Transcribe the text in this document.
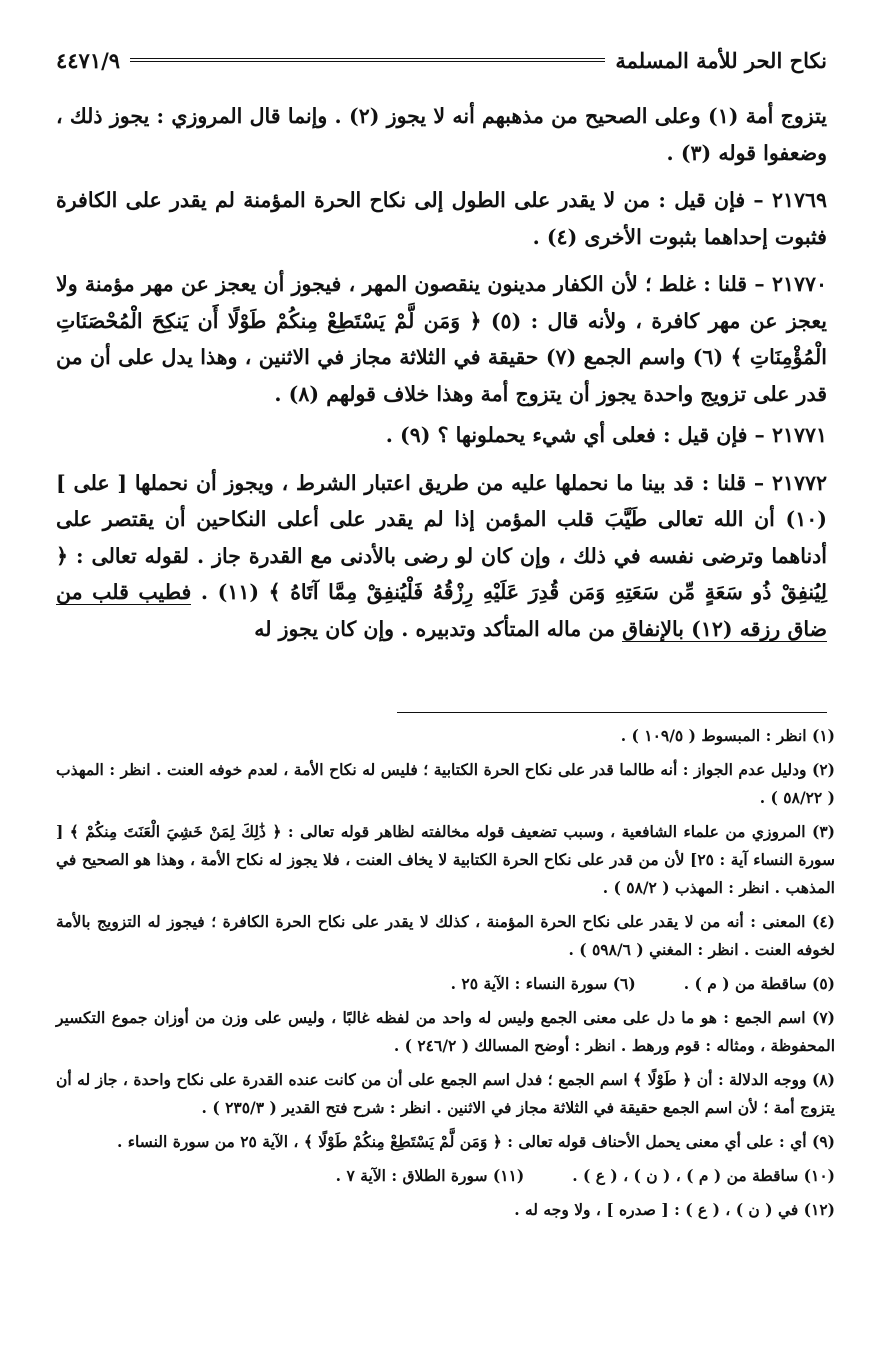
نكاح الحر للأمة المسلمة
٤٤٧١/٩

يتزوج أمة (١) وعلى الصحيح من مذهبهم أنه لا يجوز (٢) . وإنما قال المروزي : يجوز ذلك ، وضعفوا قوله (٣) .

٢١٧٦٩ – فإن قيل : من لا يقدر على الطول إلى نكاح الحرة المؤمنة لم يقدر على الكافرة فثبوت إحداهما بثبوت الأخرى (٤) .

٢١٧٧٠ – قلنا : غلط ؛ لأن الكفار مدينون ينقصون المهر ، فيجوز أن يعجز عن مهر مؤمنة ولا يعجز عن مهر كافرة ، ولأنه قال : (٥) ﴿ وَمَن لَّمْ يَسْتَطِعْ مِنكُمْ طَوْلًا أَن يَنكِحَ الْمُحْصَنَاتِ الْمُؤْمِنَاتِ ﴾ (٦) واسم الجمع (٧) حقيقة في الثلاثة مجاز في الاثنين ، وهذا يدل على أن من قدر على تزويج واحدة يجوز أن يتزوج أمة وهذا خلاف قولهم (٨) .

٢١٧٧١ – فإن قيل : فعلى أي شيء يحملونها ؟ (٩) .

٢١٧٧٢ – قلنا : قد بينا ما نحملها عليه من طريق اعتبار الشرط ، ويجوز أن نحملها [ على ] (١٠) أن الله تعالى طَيَّبَ قلب المؤمن إذا لم يقدر على أعلى النكاحين أن يقتصر على أدناهما وترضى نفسه في ذلك ، وإن كان لو رضى بالأدنى مع القدرة جاز . لقوله تعالى : ﴿ لِيُنفِقْ ذُو سَعَةٍ مِّن سَعَتِهِ وَمَن قُدِرَ عَلَيْهِ رِزْقُهُ فَلْيُنفِقْ مِمَّا آتَاهُ ﴾ (١١) . فطيب قلب من ضاق رزقه (١٢) بالإنفاق من ماله المتأكد وتدبيره . وإن كان يجوز له

(١) انظر : المبسوط ( ١٠٩/٥ ) .

(٢) ودليل عدم الجواز : أنه طالما قدر على نكاح الحرة الكتابية ؛ فليس له نكاح الأمة ، لعدم خوفه العنت . انظر : المهذب ( ٥٨/٢٢ ) .

(٣) المروزي من علماء الشافعية ، وسبب تضعيف قوله مخالفته لظاهر قوله تعالى : ﴿ ذَٰلِكَ لِمَنْ خَشِيَ الْعَنَتَ مِنكُمْ ﴾ [ سورة النساء آية : ٢٥] لأن من قدر على نكاح الحرة الكتابية لا يخاف العنت ، فلا يجوز له نكاح الأمة ، وهذا هو الصحيح في المذهب . انظر : المهذب ( ٥٨/٢ ) .

(٤) المعنى : أنه من لا يقدر على نكاح الحرة المؤمنة ، كذلك لا يقدر على نكاح الحرة الكافرة ؛ فيجوز له التزويج بالأمة لخوفه العنت . انظر : المغني ( ٥٩٨/٦ ) .

(٥) ساقطة من ( م ) .
(٦) سورة النساء : الآية ٢٥ .

(٧) اسم الجمع : هو ما دل على معنى الجمع وليس له واحد من لفظه غالبًا ، وليس على وزن من أوزان جموع التكسير المحفوظة ، ومثاله : قوم ورهط . انظر : أوضح المسالك ( ٢٤٦/٢ ) .

(٨) ووجه الدلالة : أن ﴿ طَوْلًا ﴾ اسم الجمع ؛ فدل اسم الجمع على أن من كانت عنده القدرة على نكاح واحدة ، جاز له أن يتزوج أمة ؛ لأن اسم الجمع حقيقة في الثلاثة مجاز في الاثنين . انظر : شرح فتح القدير ( ٢٣٥/٣ ) .

(٩) أي : على أي معنى يحمل الأحناف قوله تعالى : ﴿ وَمَن لَّمْ يَسْتَطِعْ مِنكُمْ طَوْلًا ﴾ ، الآية ٢٥ من سورة النساء .

(١٠) ساقطة من ( م ) ، ( ن ) ، ( ع ) .
(١١) سورة الطلاق : الآية ٧ .

(١٢) في ( ن ) ، ( ع ) : [ صدره ] ، ولا وجه له .
